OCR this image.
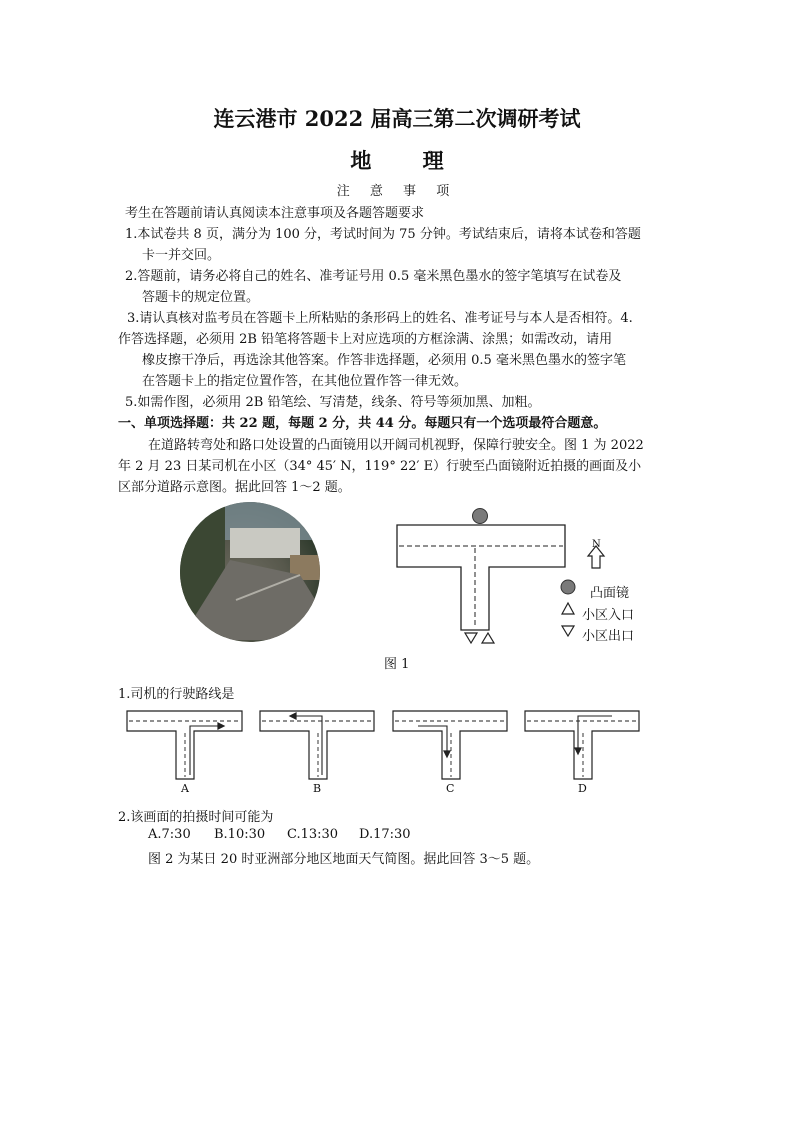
连云港市 2022 届高三第二次调研考试
地 理
注 意 事 项
考生在答题前请认真阅读本注意事项及各题答题要求
1.本试卷共 8 页，满分为 100 分，考试时间为 75 分钟。考试结束后，请将本试卷和答题
卡一并交回。
2.答题前，请务必将自己的姓名、准考证号用 0.5 毫米黑色墨水的签字笔填写在试卷及
答题卡的规定位置。
3.请认真核对监考员在答题卡上所粘贴的条形码上的姓名、准考证号与本人是否相符。4.
作答选择题，必须用 2B 铅笔将答题卡上对应选项的方框涂满、涂黑；如需改动，请用
橡皮擦干净后，再选涂其他答案。作答非选择题，必须用 0.5 毫米黑色墨水的签字笔
在答题卡上的指定位置作答，在其他位置作答一律无效。
5.如需作图，必须用 2B 铅笔绘、写清楚，线条、符号等须加黑、加粗。
一、单项选择题：共 22 题，每题 2 分，共 44 分。每题只有一个选项最符合题意。
在道路转弯处和路口处设置的凸面镜用以开阔司机视野，保障行驶安全。图 1 为 2022
年 2 月 23 日某司机在小区（34° 45′ N，119° 22′ E）行驶至凸面镜附近拍摄的画面及小
区部分道路示意图。据此回答 1～2 题。
凸面镜
小区入口
小区出口
N
图 1
1.司机的行驶路线是
A	B	C	D
2.该画面的拍摄时间可能为
A.7:30 B.10:30 C.13:30 D.17:30
图 2 为某日 20 时亚洲部分地区地面天气简图。据此回答 3～5 题。
